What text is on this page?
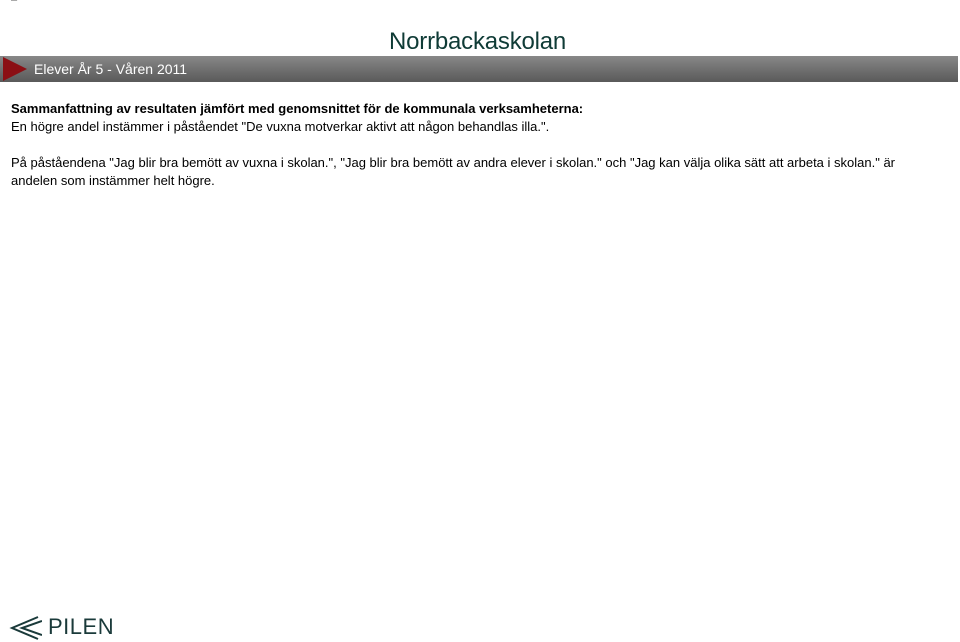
–
Norrbackaskolan
Elever År 5 - Våren 2011

Sammanfattning av resultaten jämfört med genomsnittet för de kommunala verksamheterna:

En högre andel instämmer i påståendet "De vuxna motverkar aktivt att någon behandlas illa.".

På påståendena "Jag blir bra bemött av vuxna i skolan.", "Jag blir bra bemött av andra elever i skolan." och "Jag kan välja olika sätt att arbeta i skolan." är andelen som instämmer helt högre.

PILEN
